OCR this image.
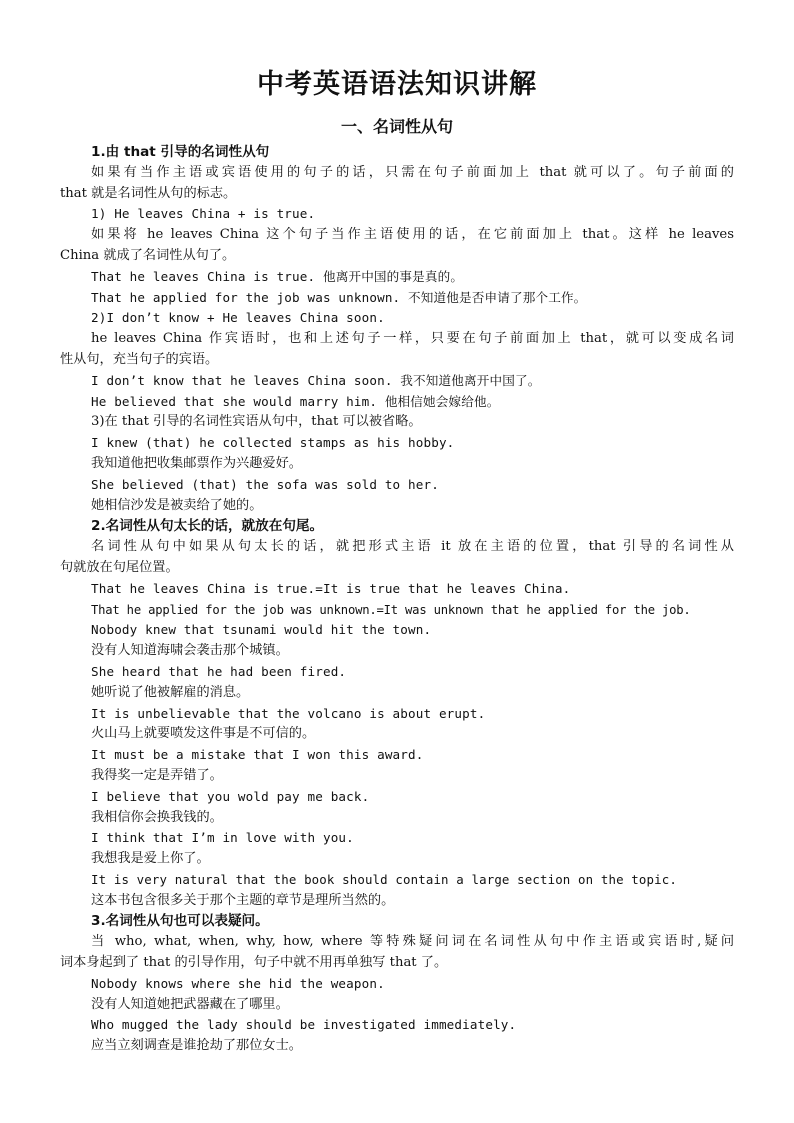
中考英语语法知识讲解
一、名词性从句
1.由 that 引导的名词性从句
如果有当作主语或宾语使用的句子的话，只需在句子前面加上 that 就可以了。句子前面的
that 就是名词性从句的标志。
1) He leaves China + is true.
如果将 he leaves China 这个句子当作主语使用的话，在它前面加上 that。这样 he leaves
China 就成了名词性从句了。
That he leaves China is true. 他离开中国的事是真的。
That he applied for the job was unknown. 不知道他是否申请了那个工作。
2)I don’t know + He leaves China soon.
he leaves China 作宾语时，也和上述句子一样，只要在句子前面加上 that，就可以变成名词
性从句，充当句子的宾语。
I don’t know that he leaves China soon. 我不知道他离开中国了。
He believed that she would marry him. 他相信她会嫁给他。
3)在 that 引导的名词性宾语从句中，that 可以被省略。
I knew (that) he collected stamps as his hobby.
我知道他把收集邮票作为兴趣爱好。
She believed (that) the sofa was sold to her.
她相信沙发是被卖给了她的。
2.名词性从句太长的话，就放在句尾。
名词性从句中如果从句太长的话，就把形式主语 it 放在主语的位置，that 引导的名词性从
句就放在句尾位置。
That he leaves China is true.=It is true that he leaves China.
That he applied for the job was unknown.=It was unknown that he applied for the job.
Nobody knew that tsunami would hit the town.
没有人知道海啸会袭击那个城镇。
She heard that he had been fired.
她听说了他被解雇的消息。
It is unbelievable that the volcano is about erupt.
火山马上就要喷发这件事是不可信的。
It must be a mistake that I won this award.
我得奖一定是弄错了。
I believe that you wold pay me back.
我相信你会换我钱的。
I think that I’m in love with you.
我想我是爱上你了。
It is very natural that the book should contain a large section on the topic.
这本书包含很多关于那个主题的章节是理所当然的。
3.名词性从句也可以表疑问。
当 who, what, when, why, how, where 等特殊疑问词在名词性从句中作主语或宾语时,疑问
词本身起到了 that 的引导作用，句子中就不用再单独写 that 了。
Nobody knows where she hid the weapon.
没有人知道她把武器藏在了哪里。
Who mugged the lady should be investigated immediately.
应当立刻调查是谁抢劫了那位女士。
